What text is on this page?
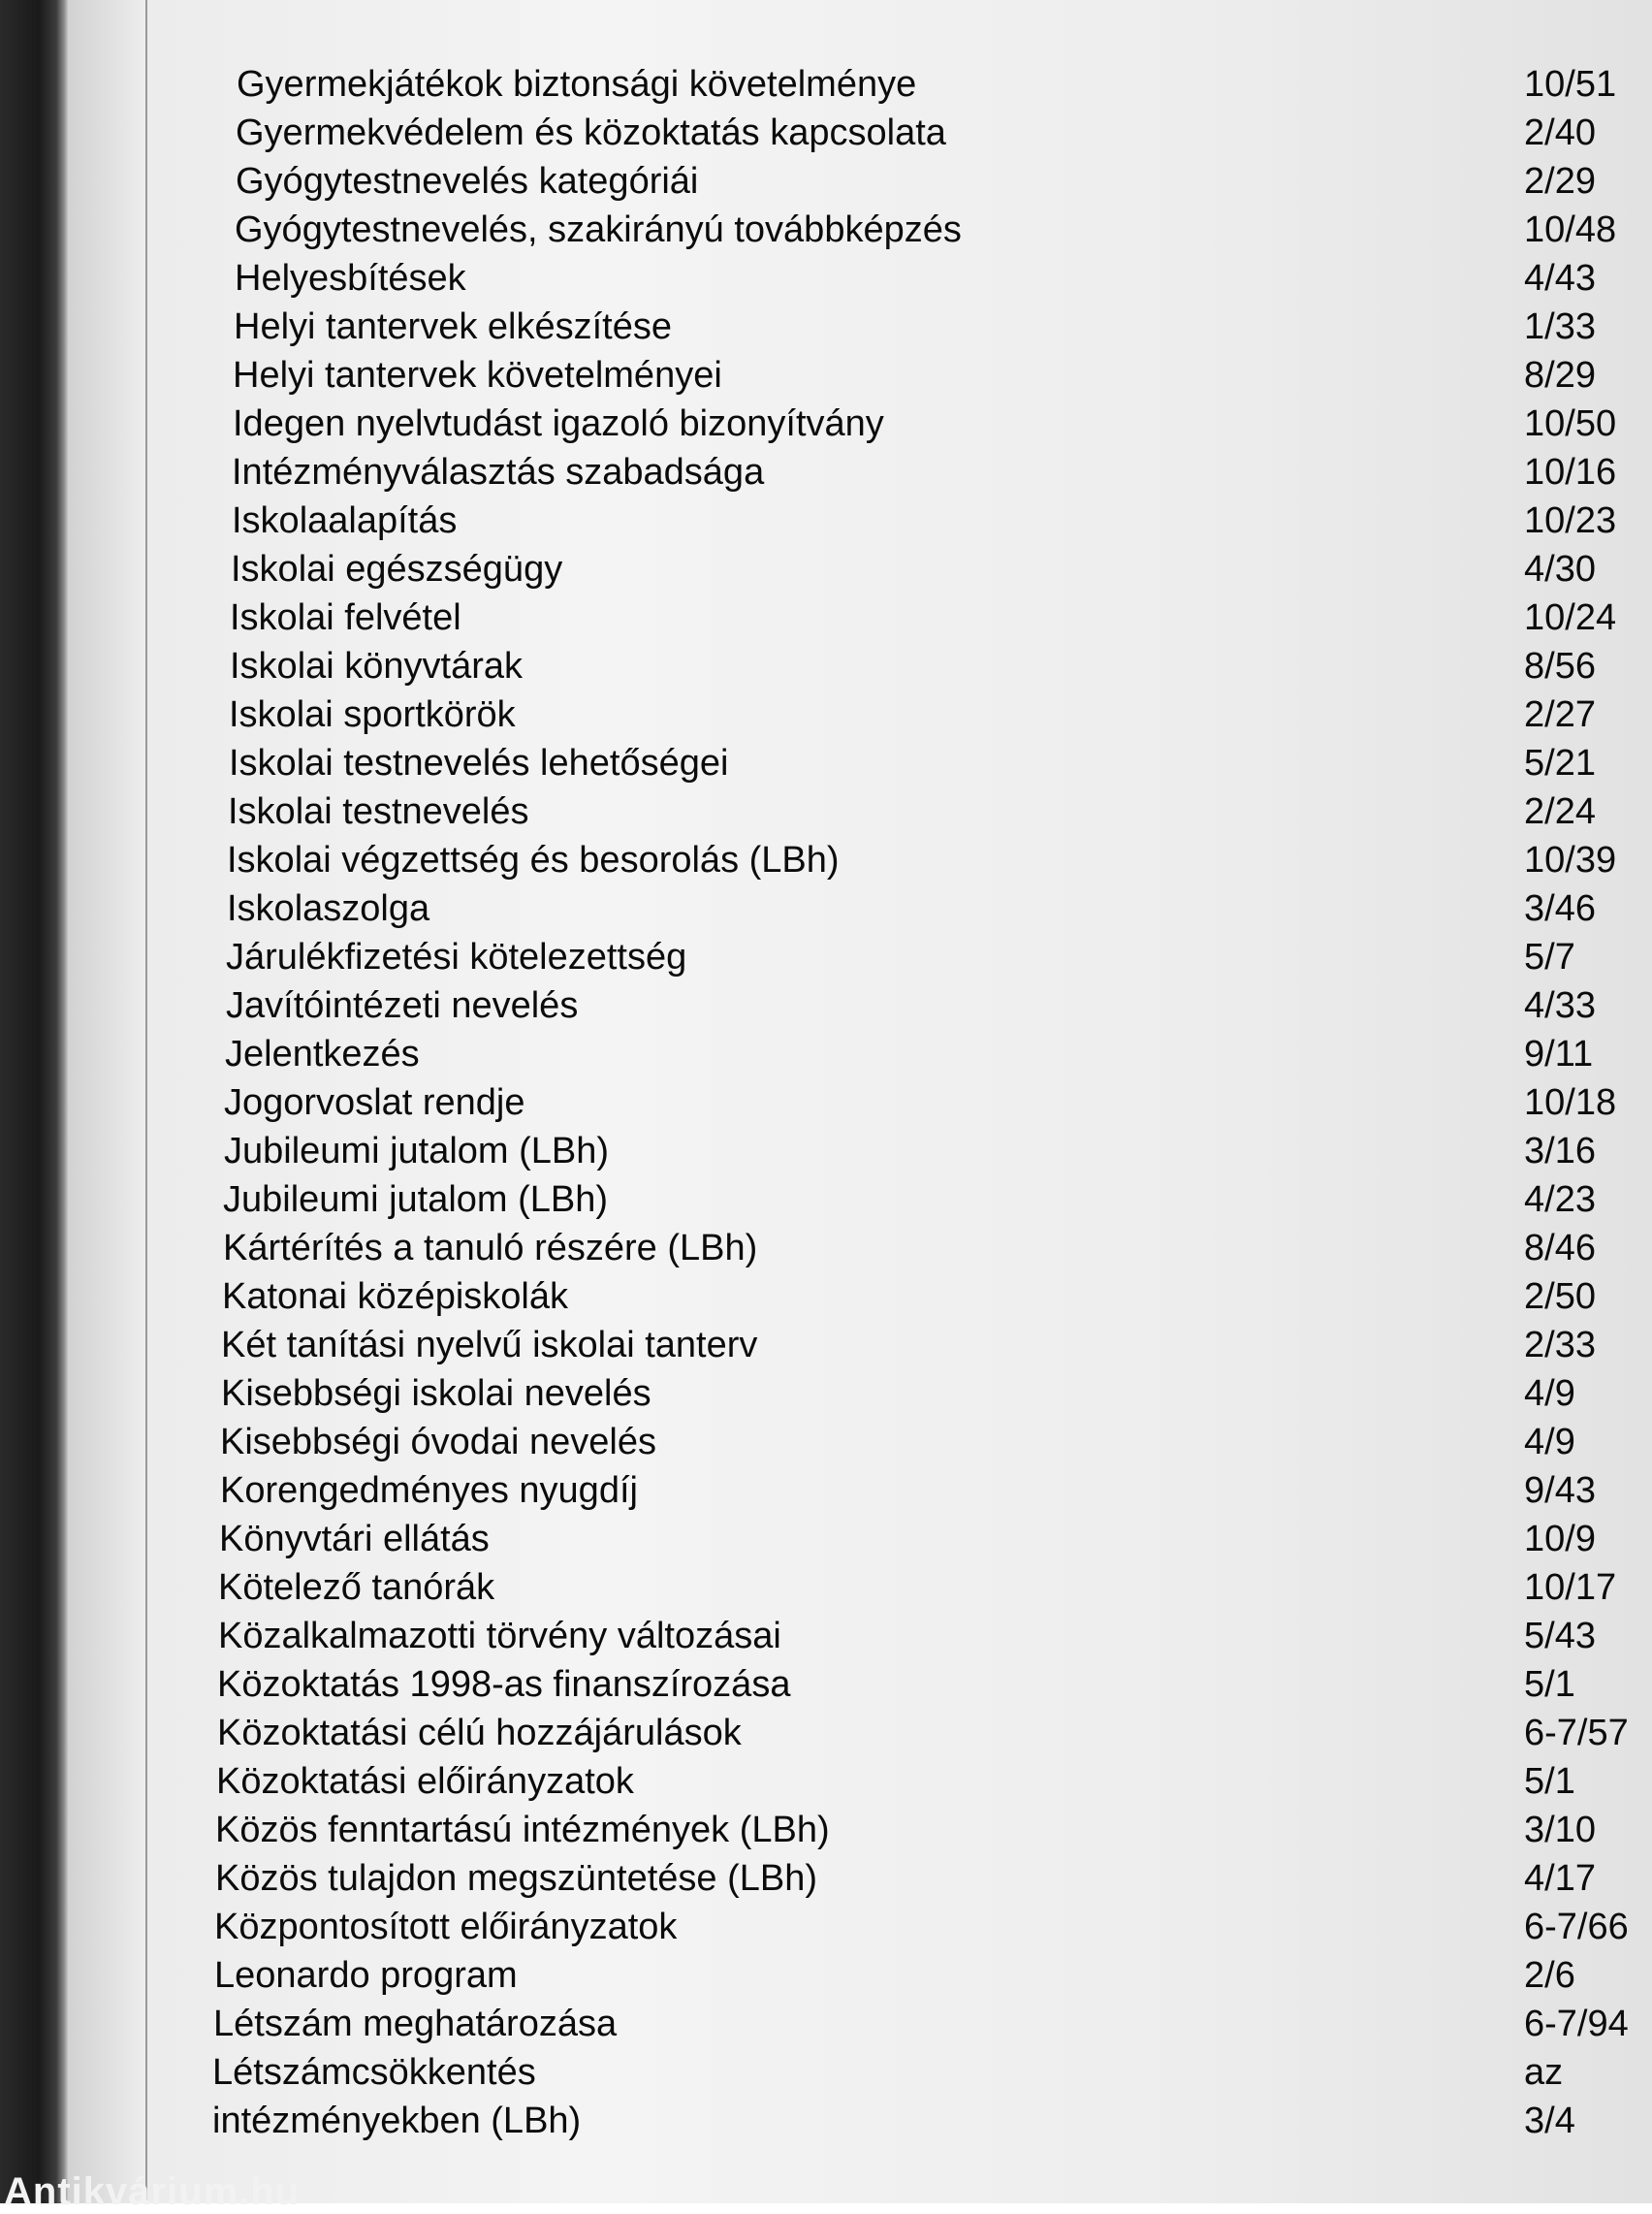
Gyermekjátékok biztonsági követelménye	10/51
Gyermekvédelem és közoktatás kapcsolata	2/40
Gyógytestnevelés kategóriái	2/29
Gyógytestnevelés, szakirányú továbbképzés	10/48
Helyesbítések	4/43
Helyi tantervek elkészítése	1/33
Helyi tantervek követelményei	8/29
Idegen nyelvtudást igazoló bizonyítvány	10/50
Intézményválasztás szabadsága	10/16
Iskolaalapítás	10/23
Iskolai egészségügy	4/30
Iskolai felvétel	10/24
Iskolai könyvtárak	8/56
Iskolai sportkörök	2/27
Iskolai testnevelés lehetőségei	5/21
Iskolai testnevelés	2/24
Iskolai végzettség és besorolás (LBh)	10/39
Iskolaszolga	3/46
Járulékfizetési kötelezettség	5/7
Javítóintézeti nevelés	4/33
Jelentkezés	9/11
Jogorvoslat rendje	10/18
Jubileumi jutalom (LBh)	3/16
Jubileumi jutalom (LBh)	4/23
Kártérítés a tanuló részére (LBh)	8/46
Katonai középiskolák	2/50
Két tanítási nyelvű iskolai tanterv	2/33
Kisebbségi iskolai nevelés	4/9
Kisebbségi óvodai nevelés	4/9
Korengedményes nyugdíj	9/43
Könyvtári ellátás	10/9
Kötelező tanórák	10/17
Közalkalmazotti törvény változásai	5/43
Közoktatás 1998-as finanszírozása	5/1
Közoktatási célú hozzájárulások	6-7/57
Közoktatási előirányzatok	5/1
Közös fenntartású intézmények (LBh)	3/10
Közös tulajdon megszüntetése (LBh)	4/17
Központosított előirányzatok	6-7/66
Leonardo program	2/6
Létszám meghatározása	6-7/94
Létszámcsökkentés	az
intézményekben (LBh)	3/4
Antikvárium.hu
